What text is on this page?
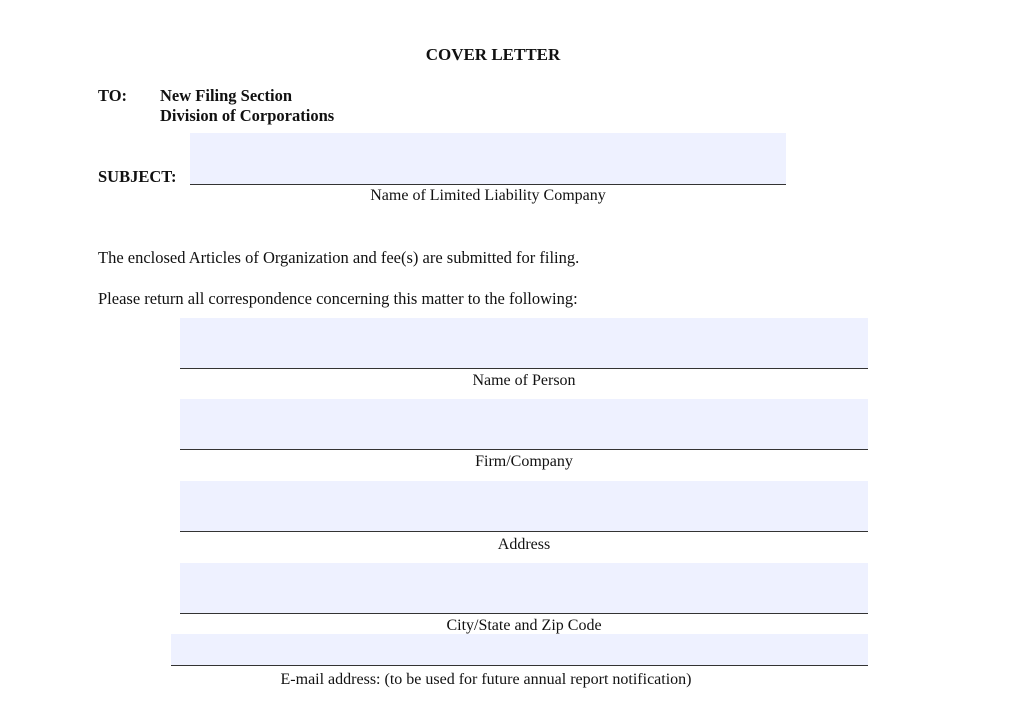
COVER LETTER
TO: New Filing Section
Division of Corporations
SUBJECT:
Name of Limited Liability Company
The enclosed Articles of Organization and fee(s) are submitted for filing.
Please return all correspondence concerning this matter to the following:
Name of Person
Firm/Company
Address
City/State and Zip Code
E-mail address: (to be used for future annual report notification)
